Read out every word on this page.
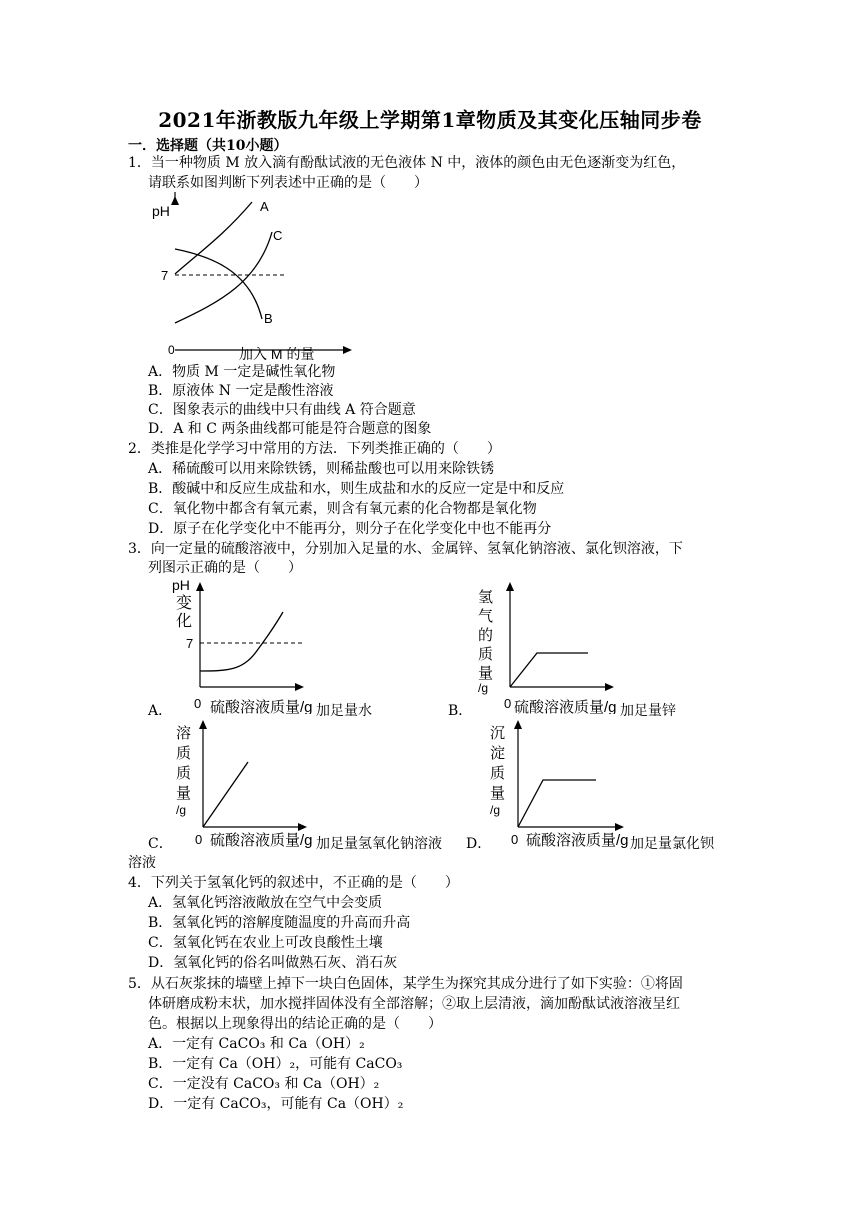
2021年浙教版九年级上学期第1章物质及其变化压轴同步卷
一．选择题（共10小题）
1．当一种物质 M 放入滴有酚酞试液的无色液体 N 中，液体的颜色由无色逐渐变为红色，
请联系如图判断下列表述中正确的是（　　）
pH
7
0	加入 M 的量
A
B
C
A．物质 M 一定是碱性氧化物
B．原液体 N 一定是酸性溶液
C．图象表示的曲线中只有曲线 A 符合题意
D．A 和 C 两条曲线都可能是符合题意的图象
2．类推是化学学习中常用的方法．下列类推正确的（　　）
A．稀硫酸可以用来除铁锈，则稀盐酸也可以用来除铁锈
B．酸碱中和反应生成盐和水，则生成盐和水的反应一定是中和反应
C．氧化物中都含有氧元素，则含有氧元素的化合物都是氧化物
D．原子在化学变化中不能再分，则分子在化学变化中也不能再分
3．向一定量的硫酸溶液中，分别加入足量的水、金属锌、氢氧化钠溶液、氯化钡溶液，下
列图示正确的是（　　）
pH
变
化
7
0 硫酸溶液质量/g
A．	加足量水
氢
气
的
质
量
/g
0 硫酸溶液质量/g
B．	加足量锌
溶
质
质
量
/g
0 硫酸溶液质量/g
C．	加足量氢氧化钠溶液
沉
淀
质
量
/g
0 硫酸溶液质量/g
D．	加足量氯化钡
溶液
4．下列关于氢氧化钙的叙述中，不正确的是（　　）
A．氢氧化钙溶液敞放在空气中会变质
B．氢氧化钙的溶解度随温度的升高而升高
C．氢氧化钙在农业上可改良酸性土壤
D．氢氧化钙的俗名叫做熟石灰、消石灰
5．从石灰浆抹的墙壁上掉下一块白色固体，某学生为探究其成分进行了如下实验：①将固
体研磨成粉末状，加水搅拌固体没有全部溶解；②取上层清液，滴加酚酞试液溶液呈红
色。根据以上现象得出的结论正确的是（　　）
A．一定有 CaCO₃ 和 Ca（OH）₂
B．一定有 Ca（OH）₂，可能有 CaCO₃
C．一定没有 CaCO₃ 和 Ca（OH）₂
D．一定有 CaCO₃，可能有 Ca（OH）₂
